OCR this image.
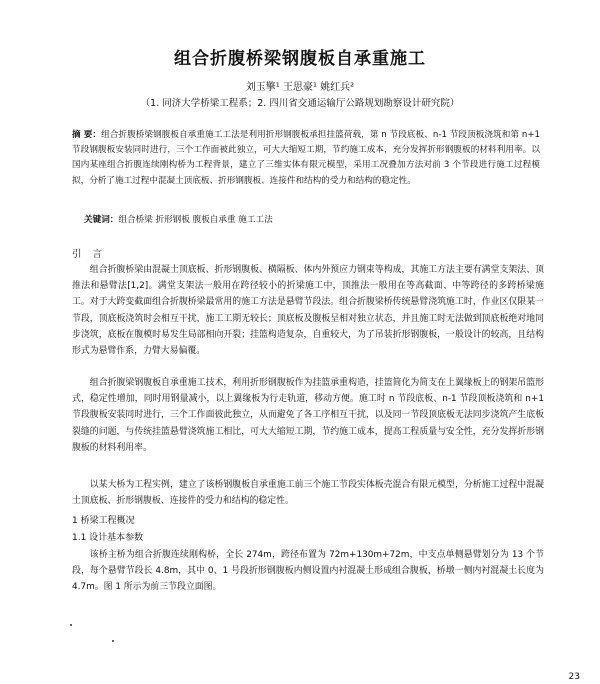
组合折腹桥梁钢腹板自承重施工
刘玉擎¹ 王思豪¹ 姚红兵²
（1. 同济大学桥梁工程系；2. 四川省交通运输厅公路规划勘察设计研究院）
摘 要：组合折腹桥梁钢腹板自承重施工工法是利用折形钢腹板承担挂篮荷载，第 n 节段底板、n-1 节段顶板浇筑和第 n+1 节段钢腹板安装同时进行，三个工作面被此独立，可大大缩短工期，节约施工成本，充分发挥折形钢腹板的材料利用率。以国内某座组合折腹连续刚构桥为工程背景，建立了三维实体有限元模型，采用工况叠加方法对前 3 个节段进行施工过程模拟，分析了施工过程中混凝土顶底板、折形钢腹板、连接件和结构的受力和结构的稳定性。
关键词：组合桥梁 折形钢板 腹板自承重 施工工法
引 言
组合折腹桥梁由混凝土顶底板、折形钢腹板、横隔板、体内外预应力钢束等构成，其施工方法主要有满堂支架法、顶推法和悬臂法[1,2]。满堂支架法一般用在跨径较小的折梁施工中，顶推法一般用在等高截面、中等跨径的多跨桥梁施工。对于大跨变截面组合折腹桥梁最常用的施工方法是悬臂节段法。组合折腹梁桥传统悬臂浇筑施工时，作业区仅限某一节段，顶底板浇筑时会相互干扰，施工工期无较长；顶底板及腹板呈相对独立状态，并且施工时无法做到顶底板绝对地同步浇筑，底板在腹模时易发生局部相向开裂；挂篮构造复杂，自重较大，为了吊装折形钢腹板，一般设计的较高，且结构形式为悬臂作系，力臂大易偏覆。
组合折腹梁钢腹板自承重施工技术，利用折形钢腹板作为挂篮承重构造，挂篮简化为简支在上翼缘板上的钢架吊篮形式，稳定性增加，同时用钢量减小，以上翼缘板为行走轨道，移动方便。施工时 n 节段底板、n-1 节段顶板浇筑和 n+1 节段腹板安装同时进行，三个工作面彼此独立，从而避免了各工序相互干扰，以及同一节段顶底板无法同步浇筑产生底板裂缝的问题，与传统挂篮悬臂浇筑施工相比，可大大缩短工期，节约施工成本，提高工程质量与安全性，充分发挥折形钢腹板的材料利用率。
以某大桥为工程实例，建立了该桥钢腹板自承重施工前三个施工节段实体板壳混合有限元模型，分析施工过程中混凝土顶底板、折形钢腹板、连接件的受力和结构的稳定性。
1 桥梁工程概况
1.1 设计基本参数
该桥主桥为组合折腹连续刚构桥，全长 274m，跨径布置为 72m+130m+72m，中支点单侧悬臂划分为 13 个节段，每个悬臂节段长 4.8m，其中 0、1 号段折形钢腹板内侧设置内衬混凝土形成组合腹板，桥墩一侧内衬混凝土长度为 4.7m。图 1 所示为前三节段立面图。
23
